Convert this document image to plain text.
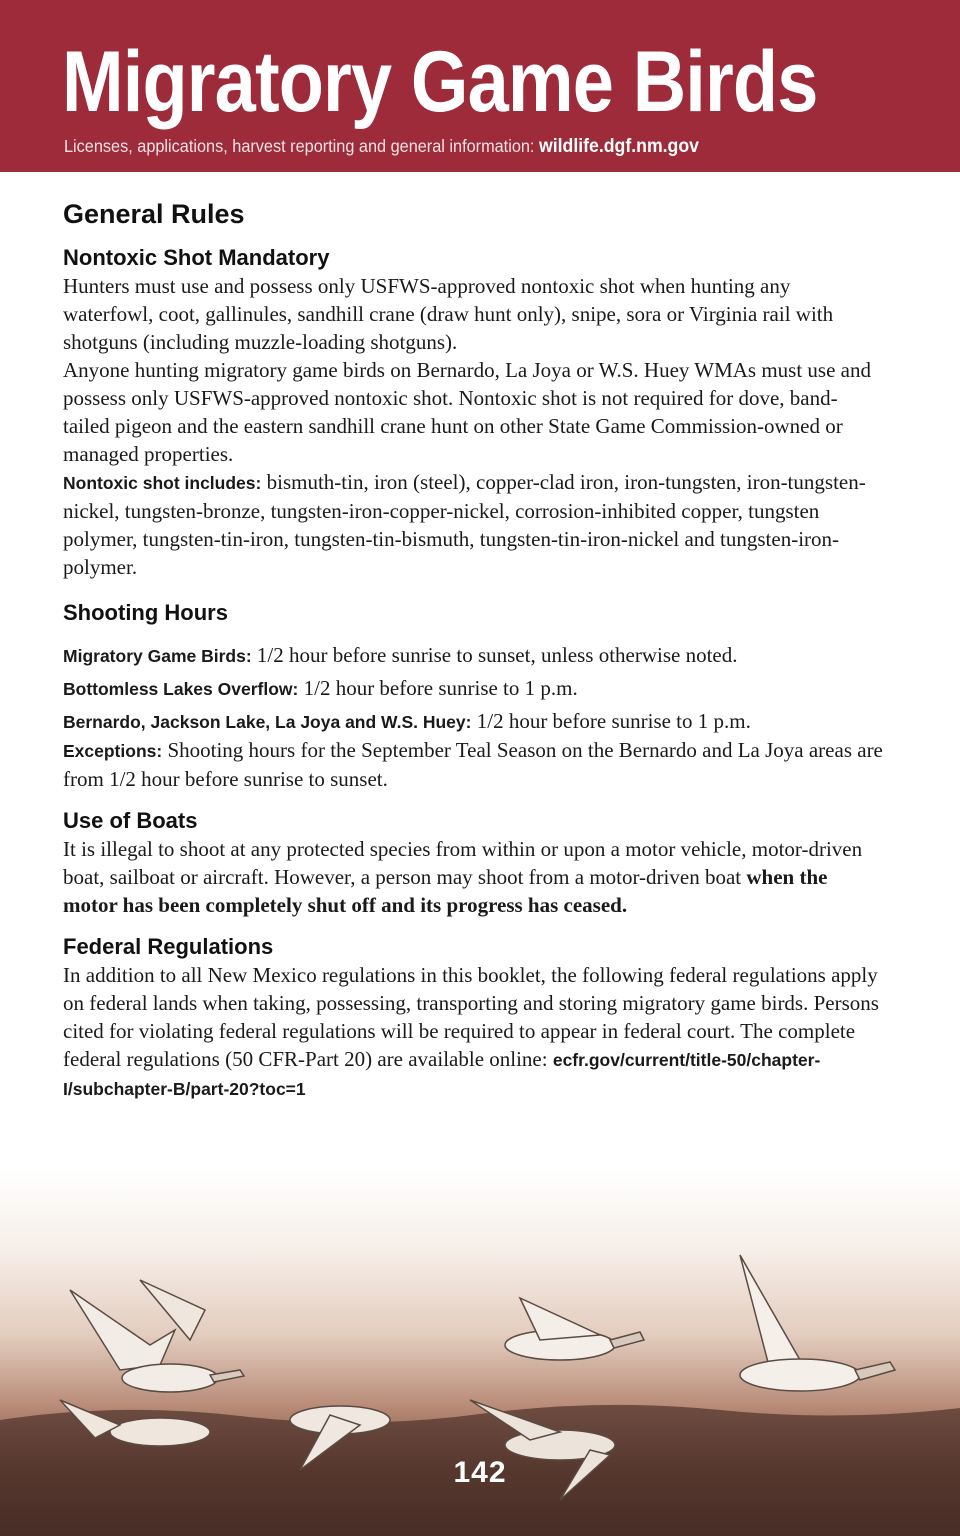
Migratory Game Birds
Licenses, applications, harvest reporting and general information: wildlife.dgf.nm.gov
General Rules
Nontoxic Shot Mandatory
Hunters must use and possess only USFWS-approved nontoxic shot when hunting any waterfowl, coot, gallinules, sandhill crane (draw hunt only), snipe, sora or Virginia rail with shotguns (including muzzle-loading shotguns).
Anyone hunting migratory game birds on Bernardo, La Joya or W.S. Huey WMAs must use and possess only USFWS-approved nontoxic shot. Nontoxic shot is not required for dove, band-tailed pigeon and the eastern sandhill crane hunt on other State Game Commission-owned or managed properties.
Nontoxic shot includes: bismuth-tin, iron (steel), copper-clad iron, iron-tungsten, iron-tungsten-nickel, tungsten-bronze, tungsten-iron-copper-nickel, corrosion-inhibited copper, tungsten polymer, tungsten-tin-iron, tungsten-tin-bismuth, tungsten-tin-iron-nickel and tungsten-iron-polymer.
Shooting Hours
Migratory Game Birds: 1/2 hour before sunrise to sunset, unless otherwise noted.
Bottomless Lakes Overflow: 1/2 hour before sunrise to 1 p.m.
Bernardo, Jackson Lake, La Joya and W.S. Huey: 1/2 hour before sunrise to 1 p.m.
Exceptions: Shooting hours for the September Teal Season on the Bernardo and La Joya areas are from 1/2 hour before sunrise to sunset.
Use of Boats
It is illegal to shoot at any protected species from within or upon a motor vehicle, motor-driven boat, sailboat or aircraft. However, a person may shoot from a motor-driven boat when the motor has been completely shut off and its progress has ceased.
Federal Regulations
In addition to all New Mexico regulations in this booklet, the following federal regulations apply on federal lands when taking, possessing, transporting and storing migratory game birds. Persons cited for violating federal regulations will be required to appear in federal court. The complete federal regulations (50 CFR-Part 20) are available online: ecfr.gov/current/title-50/chapter-I/subchapter-B/part-20?toc=1
142
